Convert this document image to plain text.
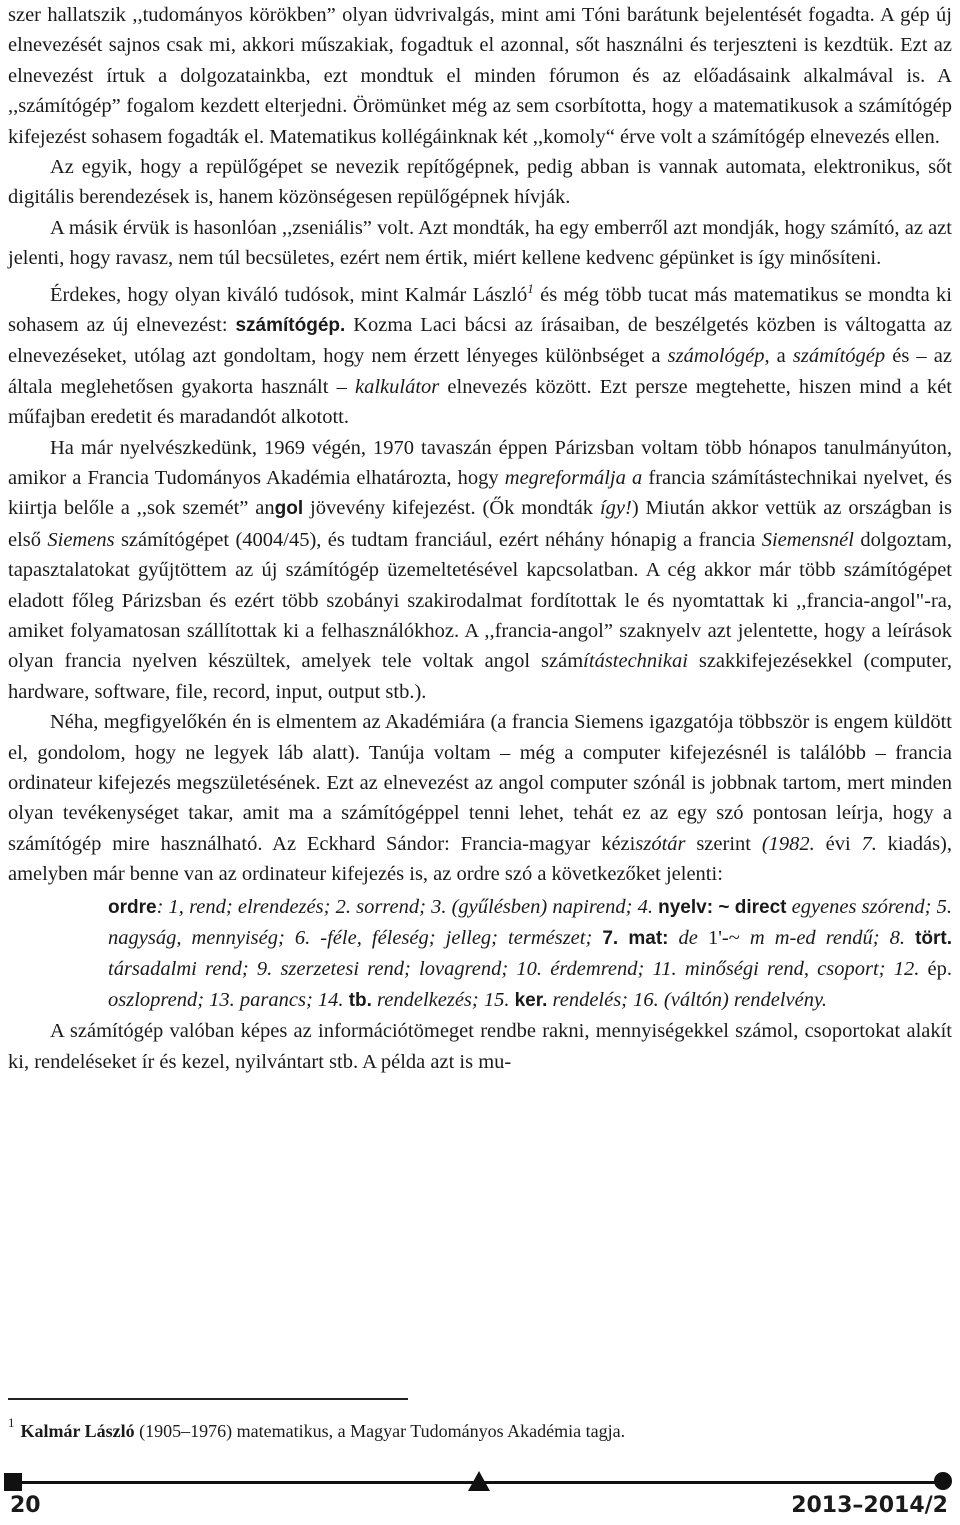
szer hallatszik ,,tudományos körökben” olyan üdvrivalgás, mint ami Tóni barátunk bejelentését fogadta. A gép új elnevezését sajnos csak mi, akkori műszakiak, fogadtuk el azonnal, sőt használni és terjeszteni is kezdtük. Ezt az elnevezést írtuk a dolgozatainkba, ezt mondtuk el minden fórumon és az előadásaink alkalmával is. A ,,számítógép” fogalom kezdett elterjedni. Örömünket még az sem csorbította, hogy a matematikusok a számítógép kifejezést sohasem fogadták el. Matematikus kollégáinknak két ,,komoly“ érve volt a számítógép elnevezés ellen.

Az egyik, hogy a repülőgépet se nevezik repítőgépnek, pedig abban is vannak automata, elektronikus, sőt digitális berendezések is, hanem közönségesen repülőgépnek hívják.

A másik érvük is hasonlóan ,,zseniális” volt. Azt mondták, ha egy emberről azt mondják, hogy számító, az azt jelenti, hogy ravasz, nem túl becsületes, ezért nem értik, miért kellene kedvenc gépünket is így minősíteni.

Érdekes, hogy olyan kiváló tudósok, mint Kalmár László$^1$ és még több tucat más matematikus se mondta ki sohasem az új elnevezést: számítógép. Kozma Laci bácsi az írásaiban, de beszélgetés közben is váltogatta az elnevezéseket, utólag azt gondoltam, hogy nem érzett lényeges különbséget a számológép, a számítógép és – az általa meglehetősen gyakorta használt – kalkulátor elnevezés között. Ezt persze megtehette, hiszen mind a két műfajban eredetit és maradandót alkotott.

Ha már nyelvészkedünk, 1969 végén, 1970 tavaszán éppen Párizsban voltam több hónapos tanulmányúton, amikor a Francia Tudományos Akadémia elhatározta, hogy megreformálja a francia számítástechnikai nyelvet, és kiirtja belőle a ,,sok szemét” angol jövevény kifejezést. (Ők mondták így!) Miután akkor vettük az országban is első Siemens számítógépet (4004/45), és tudtam franciául, ezért néhány hónapig a francia Siemensnél dolgoztam, tapasztalatokat gyűjtöttem az új számítógép üzemeltetésével kapcsolatban. A cég akkor már több számítógépet eladott főleg Párizsban és ezért több szobányi szakirodalmat fordítottak le és nyomtattak ki ,,francia-angol"-ra, amiket folyamatosan szállítottak ki a felhasználókhoz. A ,,francia-angol” szaknyelv azt jelentette, hogy a leírások olyan francia nyelven készültek, amelyek tele voltak angol számítástechnikai szakkifejezésekkel (computer, hardware, software, file, record, input, output stb.).

Néha, megfigyelőkén én is elmentem az Akadémiára (a francia Siemens igazgatója többször is engem küldött el, gondolom, hogy ne legyek láb alatt). Tanúja voltam – még a computer kifejezésnél is találóbb – francia ordinateur kifejezés megszületésének. Ezt az elnevezést az angol computer szónál is jobbnak tartom, mert minden olyan tevékenységet takar, amit ma a számítógéppel tenni lehet, tehát ez az egy szó pontosan leírja, hogy a számítógép mire használható. Az Eckhard Sándor: Francia-magyar kéziszótár szerint (1982. évi 7. kiadás), amelyben már benne van az ordinateur kifejezés is, az ordre szó a következőket jelenti:

ordre: 1, rend; elrendezés; 2. sorrend; 3. (gyűlésben) napirend; 4. nyelv: ~ direct egyenes szórend; 5. nagyság, mennyiség; 6. -féle, féleség; jelleg; természet; 7. mat: de 1'-~ m m-ed rendű; 8. tört. társadalmi rend; 9. szerzetesi rend; lovagrend; 10. érdemrend; 11. minőségi rend, csoport; 12. ép. oszloprend; 13. parancs; 14. tb. rendelkezés; 15. ker. rendelés; 16. (váltón) rendelvény.

A számítógép valóban képes az információtömeget rendbe rakni, mennyiségekkel számol, csoportokat alakít ki, rendeléseket ír és kezel, nyilvántart stb. A példa azt is mu-

$^1$ Kalmár László (1905–1976) matematikus, a Magyar Tudományos Akadémia tagja.
20	2013–2014/2
